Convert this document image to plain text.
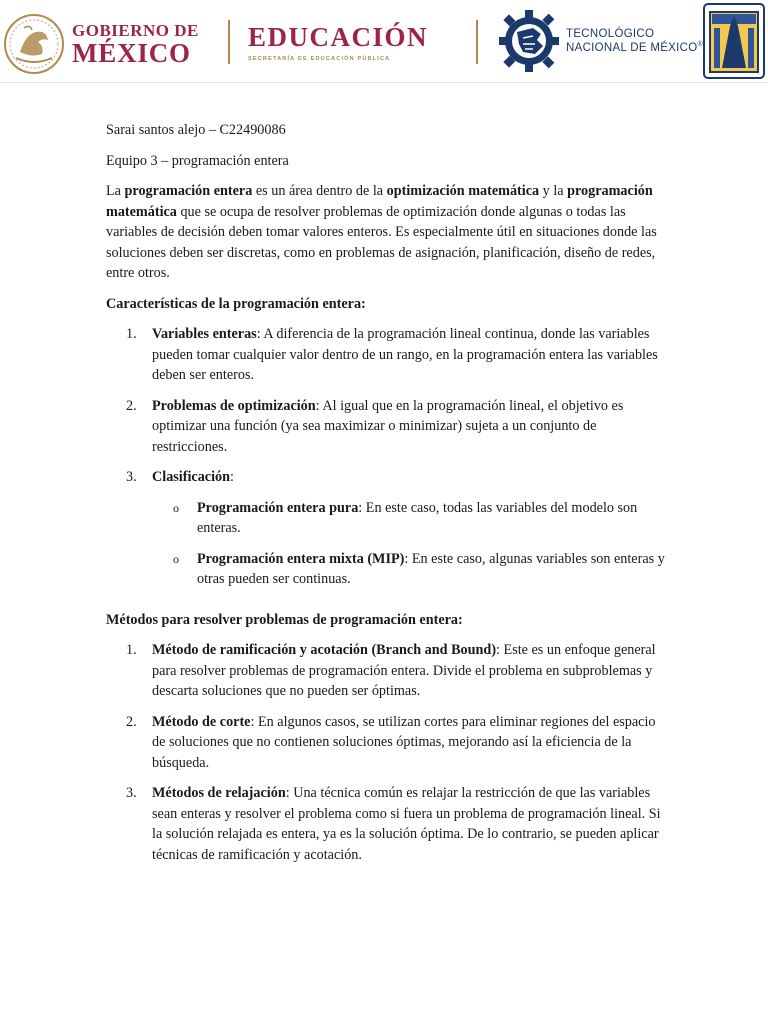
GOBIERNO DE
MÉXICO
EDUCACIÓN
SECRETARÍA DE EDUCACIÓN PÚBLICA
TECNOLÓGICO
NACIONAL DE MÉXICO®

Sarai santos alejo – C22490086

Equipo 3 – programación entera

La programación entera es un área dentro de la optimización matemática y la programación matemática que se ocupa de resolver problemas de optimización donde algunas o todas las variables de decisión deben tomar valores enteros. Es especialmente útil en situaciones donde las soluciones deben ser discretas, como en problemas de asignación, planificación, diseño de redes, entre otros.

Características de la programación entera:

1. Variables enteras: A diferencia de la programación lineal continua, donde las variables pueden tomar cualquier valor dentro de un rango, en la programación entera las variables deben ser enteros.
2. Problemas de optimización: Al igual que en la programación lineal, el objetivo es optimizar una función (ya sea maximizar o minimizar) sujeta a un conjunto de restricciones.
3. Clasificación:
o Programación entera pura: En este caso, todas las variables del modelo son enteras.
o Programación entera mixta (MIP): En este caso, algunas variables son enteras y otras pueden ser continuas.

Métodos para resolver problemas de programación entera:

1. Método de ramificación y acotación (Branch and Bound): Este es un enfoque general para resolver problemas de programación entera. Divide el problema en subproblemas y descarta soluciones que no pueden ser óptimas.
2. Método de corte: En algunos casos, se utilizan cortes para eliminar regiones del espacio de soluciones que no contienen soluciones óptimas, mejorando así la eficiencia de la búsqueda.
3. Métodos de relajación: Una técnica común es relajar la restricción de que las variables sean enteras y resolver el problema como si fuera un problema de programación lineal. Si la solución relajada es entera, ya es la solución óptima. De lo contrario, se pueden aplicar técnicas de ramificación y acotación.
